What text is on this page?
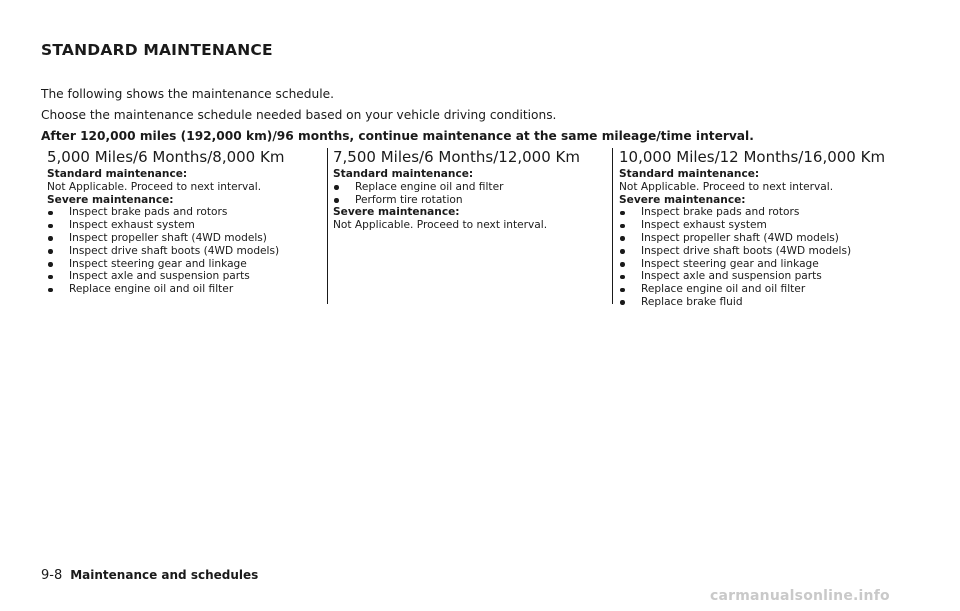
STANDARD MAINTENANCE

The following shows the maintenance schedule.

Choose the maintenance schedule needed based on your vehicle driving conditions.

After 120,000 miles (192,000 km)/96 months, continue maintenance at the same mileage/time interval.

5,000 Miles/6 Months/8,000 Km
Standard maintenance:
Not Applicable. Proceed to next interval.
Severe maintenance:
Inspect brake pads and rotors
Inspect exhaust system
Inspect propeller shaft (4WD models)
Inspect drive shaft boots (4WD models)
Inspect steering gear and linkage
Inspect axle and suspension parts
Replace engine oil and oil filter
7,500 Miles/6 Months/12,000 Km
Standard maintenance:
Replace engine oil and filter
Perform tire rotation
Severe maintenance:
Not Applicable. Proceed to next interval.
10,000 Miles/12 Months/16,000 Km
Standard maintenance:
Not Applicable. Proceed to next interval.
Severe maintenance:
Inspect brake pads and rotors
Inspect exhaust system
Inspect propeller shaft (4WD models)
Inspect drive shaft boots (4WD models)
Inspect steering gear and linkage
Inspect axle and suspension parts
Replace engine oil and oil filter
Replace brake fluid
9-8 Maintenance and schedules
carmanualsonline.info
